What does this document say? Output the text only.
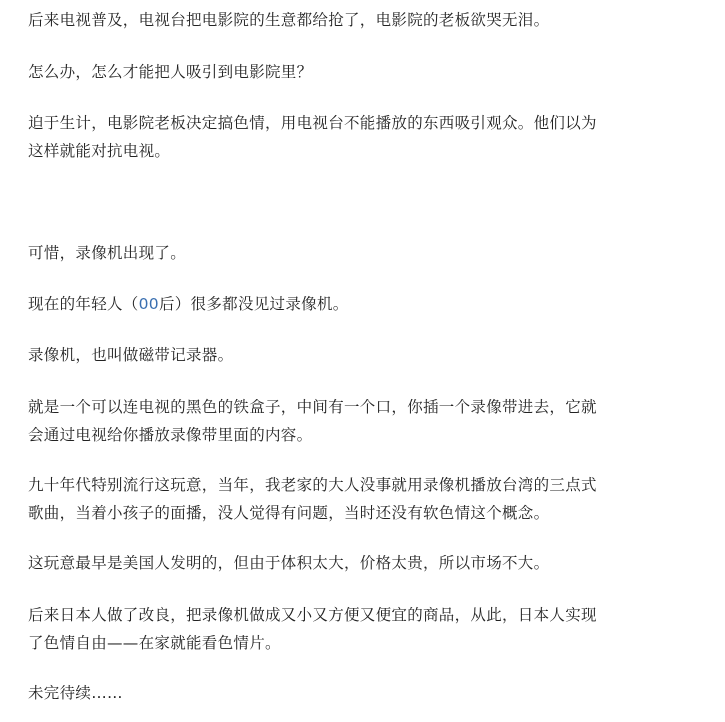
后来电视普及，电视台把电影院的生意都给抢了，电影院的老板欲哭无泪。

怎么办，怎么才能把人吸引到电影院里？

迫于生计，电影院老板决定搞色情，用电视台不能播放的东西吸引观众。他们以为
这样就能对抗电视。

可惜，录像机出现了。

现在的年轻人（00后）很多都没见过录像机。

录像机，也叫做磁带记录器。

就是一个可以连电视的黑色的铁盒子，中间有一个口，你插一个录像带进去，它就
会通过电视给你播放录像带里面的内容。

九十年代特别流行这玩意，当年，我老家的大人没事就用录像机播放台湾的三点式
歌曲，当着小孩子的面播，没人觉得有问题，当时还没有软色情这个概念。

这玩意最早是美国人发明的，但由于体积太大，价格太贵，所以市场不大。

后来日本人做了改良，把录像机做成又小又方便又便宜的商品，从此，日本人实现
了色情自由——在家就能看色情片。

未完待续……
